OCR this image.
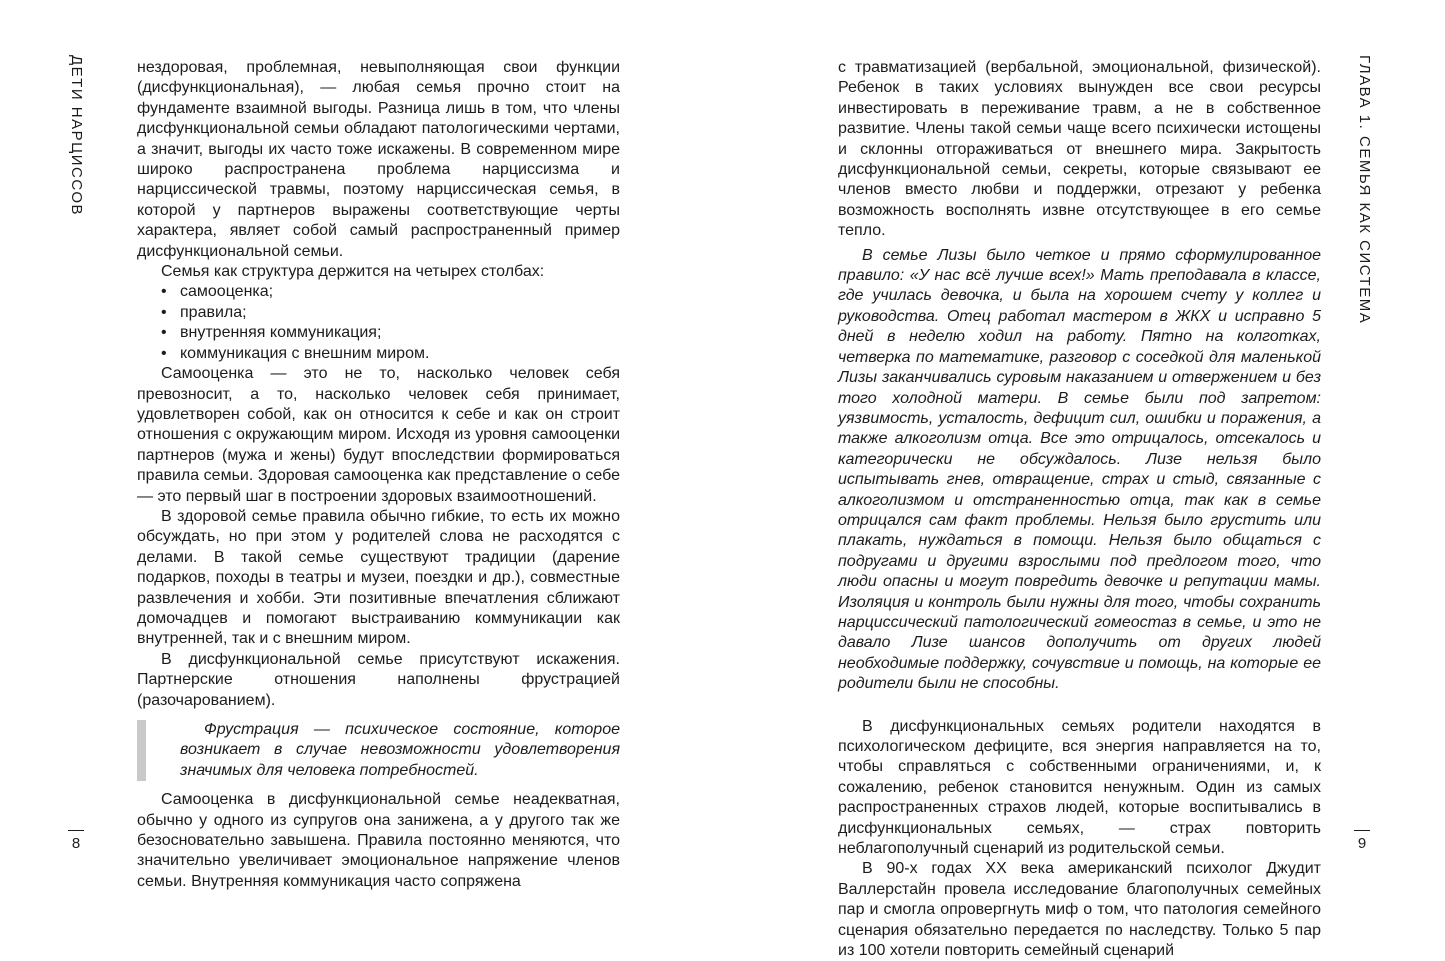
ДЕТИ НАРЦИССОВ	нездоровая, проблемная, невыполняющая свои функции (дисфункциональная), — любая семья прочно стоит на фундаменте взаимной выгоды. Разница лишь в том, что члены дисфункциональной семьи обладают патологическими чертами, а значит, выгоды их часто тоже искажены. В современном мире широко распространена проблема нарциссизма и нарциссической травмы, поэтому нарциссическая семья, в которой у партнеров выражены соответствующие черты характера, являет собой самый распространенный пример дисфункциональной семьи.

Семья как структура держится на четырех столбах:

• самооценка;
• правила;
• внутренняя коммуникация;
• коммуникация с внешним миром.

Самооценка — это не то, насколько человек себя превозносит, а то, насколько человек себя принимает, удовлетворен собой, как он относится к себе и как он строит отношения с окружающим миром. Исходя из уровня самооценки партнеров (мужа и жены) будут впоследствии формироваться правила семьи. Здоровая самооценка как представление о себе — это первый шаг в построении здоровых взаимоотношений.

В здоровой семье правила обычно гибкие, то есть их можно обсуждать, но при этом у родителей слова не расходятся с делами. В такой семье существуют традиции (дарение подарков, походы в театры и музеи, поездки и др.), совместные развлечения и хобби. Эти позитивные впечатления сближают домочадцев и помогают выстраиванию коммуникации как внутренней, так и с внешним миром.

В дисфункциональной семье присутствуют искажения. Партнерские отношения наполнены фрустрацией (разочарованием).

Фрустрация — психическое состояние, которое возникает в случае невозможности удовлетворения значимых для человека потребностей.

Самооценка в дисфункциональной семье неадекватная, обычно у одного из супругов она занижена, а у другого так же безосновательно завышена. Правила постоянно меняются, что значительно увеличивает эмоциональное напряжение членов семьи. Внутренняя коммуникация часто сопряжена

8
ГЛАВА 1. СЕМЬЯ КАК СИСТЕМА

с травматизацией (вербальной, эмоциональной, физической). Ребенок в таких условиях вынужден все свои ресурсы инвестировать в переживание травм, а не в собственное развитие. Члены такой семьи чаще всего психически истощены и склонны отгораживаться от внешнего мира. Закрытость дисфункциональной семьи, секреты, которые связывают ее членов вместо любви и поддержки, отрезают у ребенка возможность восполнять извне отсутствующее в его семье тепло.

В семье Лизы было четкое и прямо сформулированное правило: «У нас всё лучше всех!» Мать преподавала в классе, где училась девочка, и была на хорошем счету у коллег и руководства. Отец работал мастером в ЖКХ и исправно 5 дней в неделю ходил на работу. Пятно на колготках, четверка по математике, разговор с соседкой для маленькой Лизы заканчивались суровым наказанием и отвержением и без того холодной матери. В семье были под запретом: уязвимость, усталость, дефицит сил, ошибки и поражения, а также алкоголизм отца. Все это отрицалось, отсекалось и категорически не обсуждалось. Лизе нельзя было испытывать гнев, отвращение, страх и стыд, связанные с алкоголизмом и отстраненностью отца, так как в семье отрицался сам факт проблемы. Нельзя было грустить или плакать, нуждаться в помощи. Нельзя было общаться с подругами и другими взрослыми под предлогом того, что люди опасны и могут повредить девочке и репутации мамы. Изоляция и контроль были нужны для того, чтобы сохранить нарциссический патологический гомеостаз в семье, и это не давало Лизе шансов дополучить от других людей необходимые поддержку, сочувствие и помощь, на которые ее родители были не способны.

В дисфункциональных семьях родители находятся в психологическом дефиците, вся энергия направляется на то, чтобы справляться с собственными ограничениями, и, к сожалению, ребенок становится ненужным. Один из самых распространенных страхов людей, которые воспитывались в дисфункциональных семьях, — страх повторить неблагополучный сценарий из родительской семьи.

В 90-х годах XX века американский психолог Джудит Валлерстайн провела исследование благополучных семейных пар и смогла опровергнуть миф о том, что патология семейного сценария обязательно передается по наследству. Только 5 пар из 100 хотели повторить семейный сценарий

9
